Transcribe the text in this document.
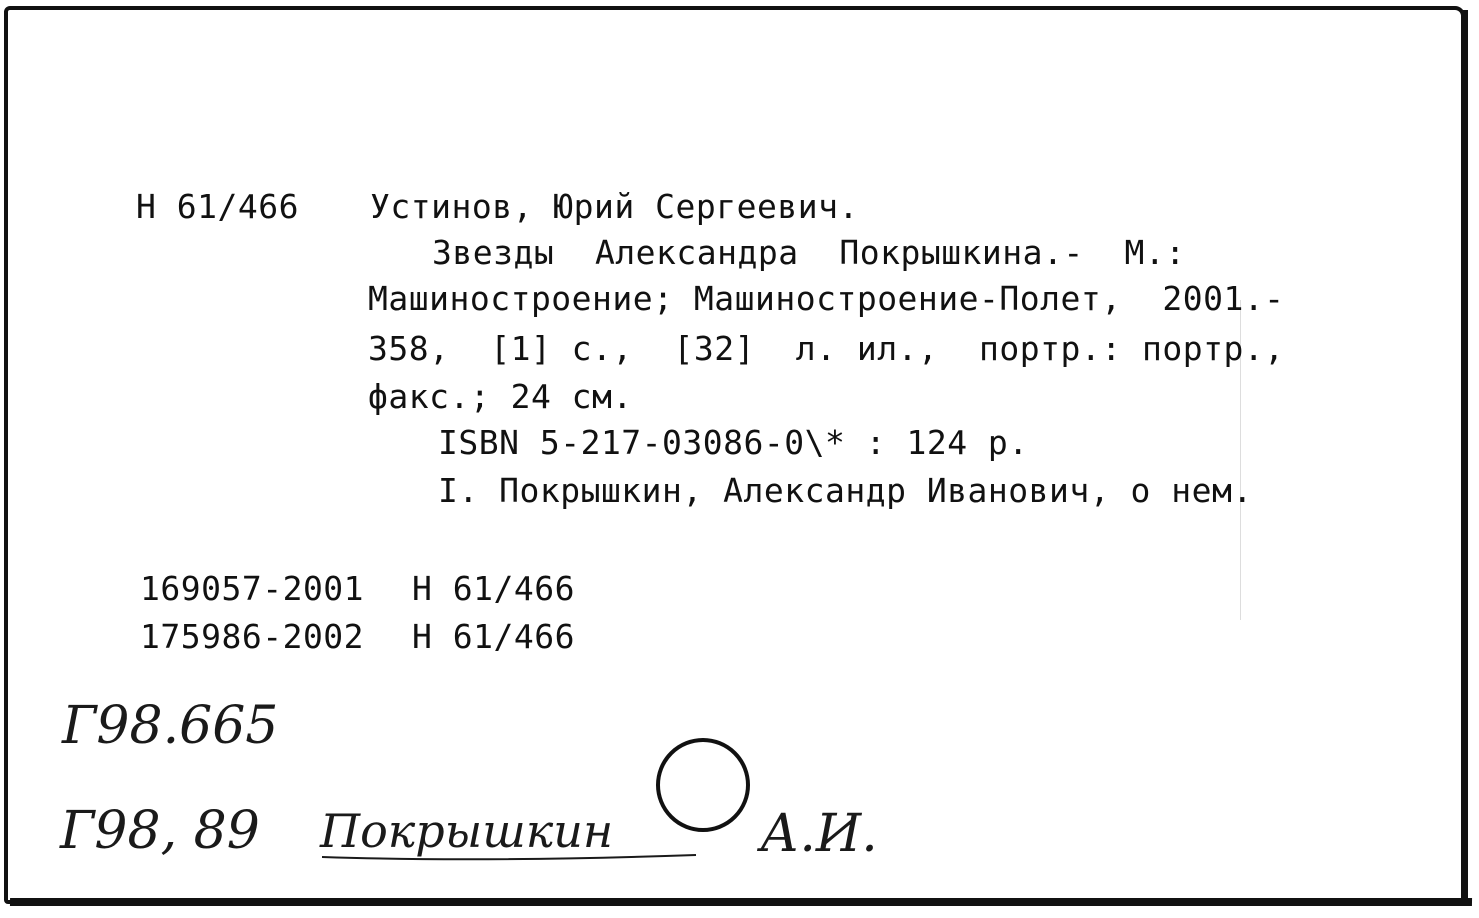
Н 61/466 Устинов, Юрий Сергеевич.
Звезды  Александра  Покрышкина.-  М.:
Машиностроение; Машиностроение-Полет,  2001.-
358,  [1] с.,  [32]  л. ил.,  портр.: портр.,
факс.; 24 см.
ISBN 5-217-03086-0\* : 124 р.
I. Покрышкин, Александр Иванович, о нем.
169057-2001 Н 61/466
175986-2002 Н 61/466
Г98.665
Г98, 89 Покрышкин	А.И.
